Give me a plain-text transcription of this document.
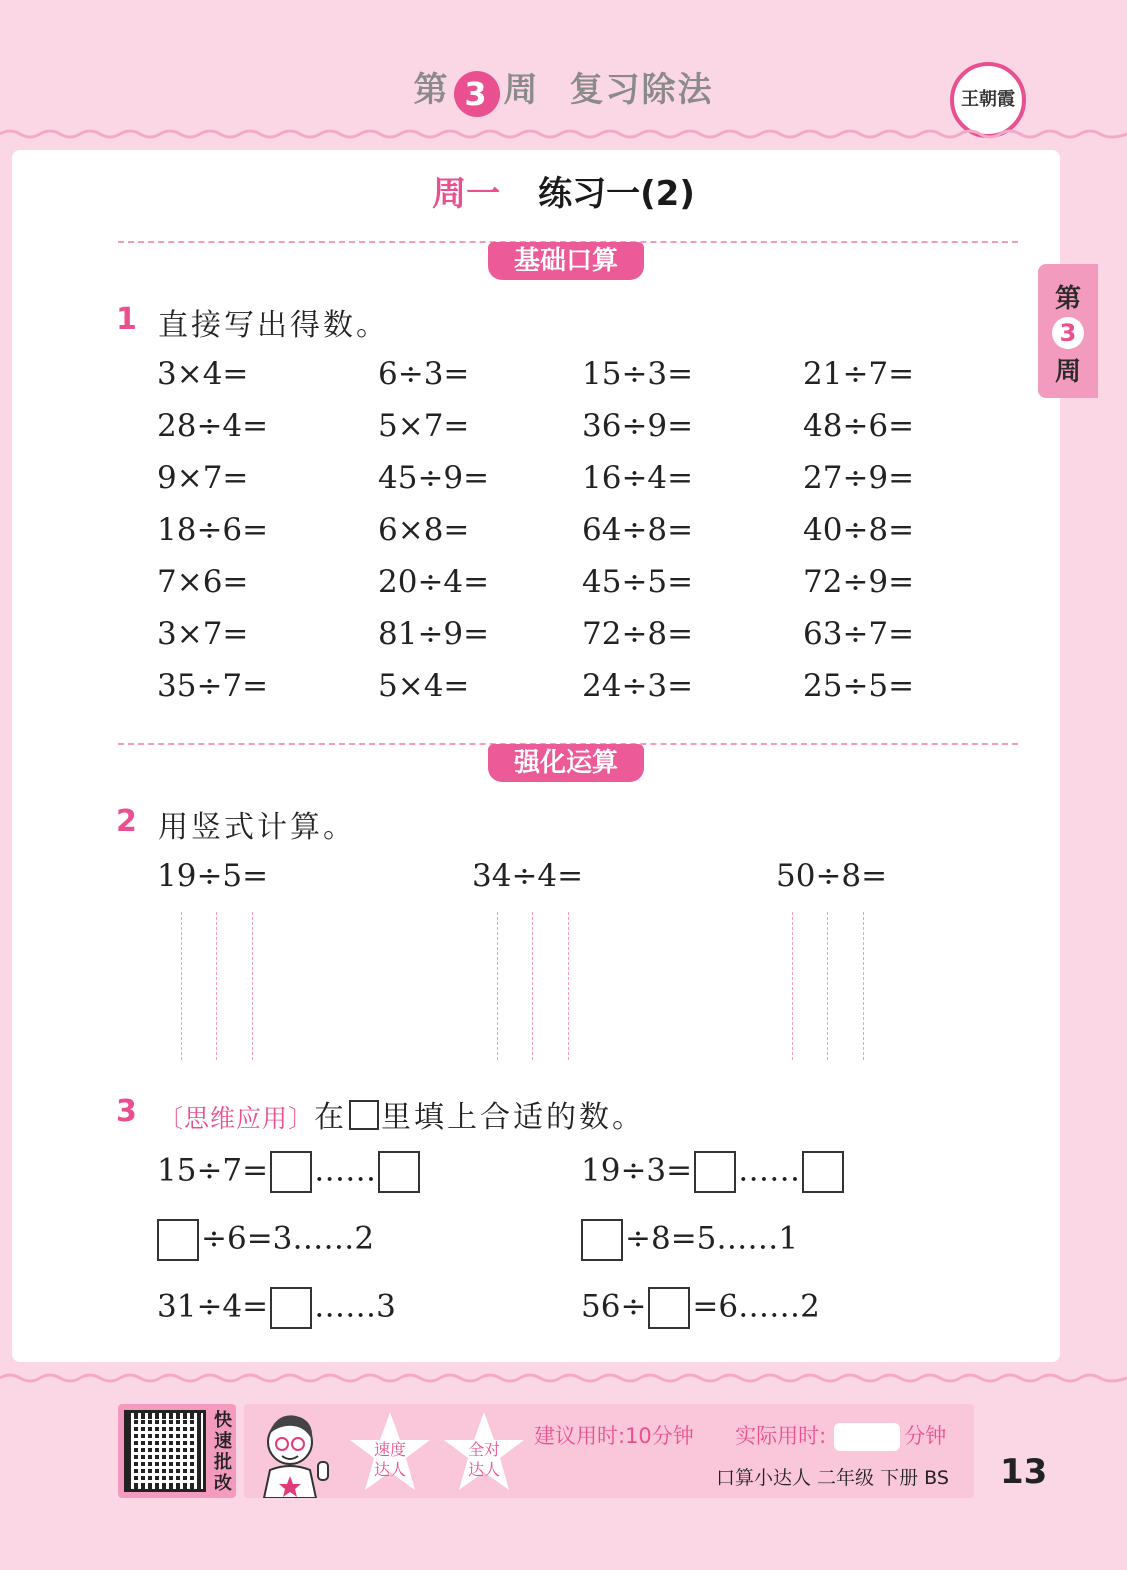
第 3 周 复习除法	王朝霞
第
3
周
周一 练习一(2)
基础口算
1 直接写出得数。
3×4=	6÷3=	15÷3=	21÷7=
28÷4=	5×7=	36÷9=	48÷6=
9×7=	45÷9=	16÷4=	27÷9=
18÷6=	6×8=	64÷8=	40÷8=
7×6=	20÷4=	45÷5=	72÷9=
3×7=	81÷9=	72÷8=	63÷7=
35÷7=	5×4=	24÷3=	25÷5=
强化运算
2 用竖式计算。
19÷5=	34÷4=	50÷8=
3 〔思维应用〕在 里填上合适的数。
15÷7= ……	19÷3= ……
÷6=3……2	÷8=5……1
31÷4= ……3	56÷ =6……2
快速批改
速度
达人
全对
达人
建议用时:10分钟 实际用时:	分钟
口算小达人 二年级 下册 BS 13
